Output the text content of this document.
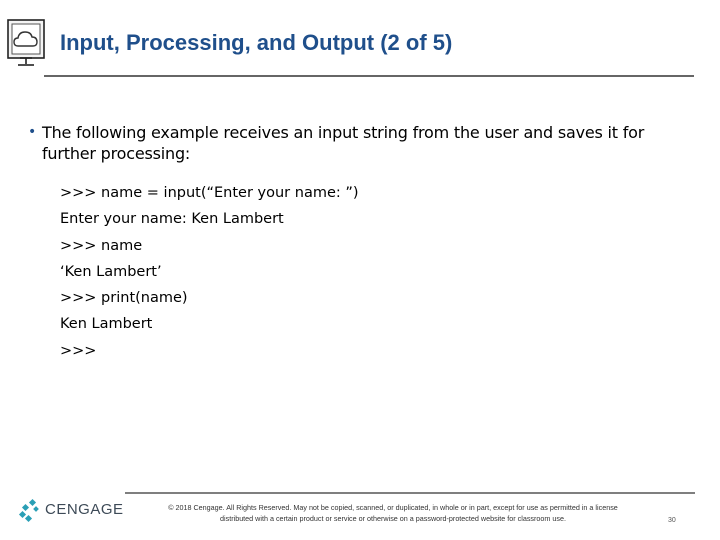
Input, Processing, and Output (2 of 5)
• The following example receives an input string from the user and saves it for further processing:
>>> name = input(“Enter your name: ”)
Enter your name: Ken Lambert
>>> name
‘Ken Lambert’
>>> print(name)
Ken Lambert
>>>
CENGAGE	© 2018 Cengage. All Rights Reserved. May not be copied, scanned, or duplicated, in whole or in part, except for use as permitted in a license
distributed with a certain product or service or otherwise on a password-protected website for classroom use.	30
